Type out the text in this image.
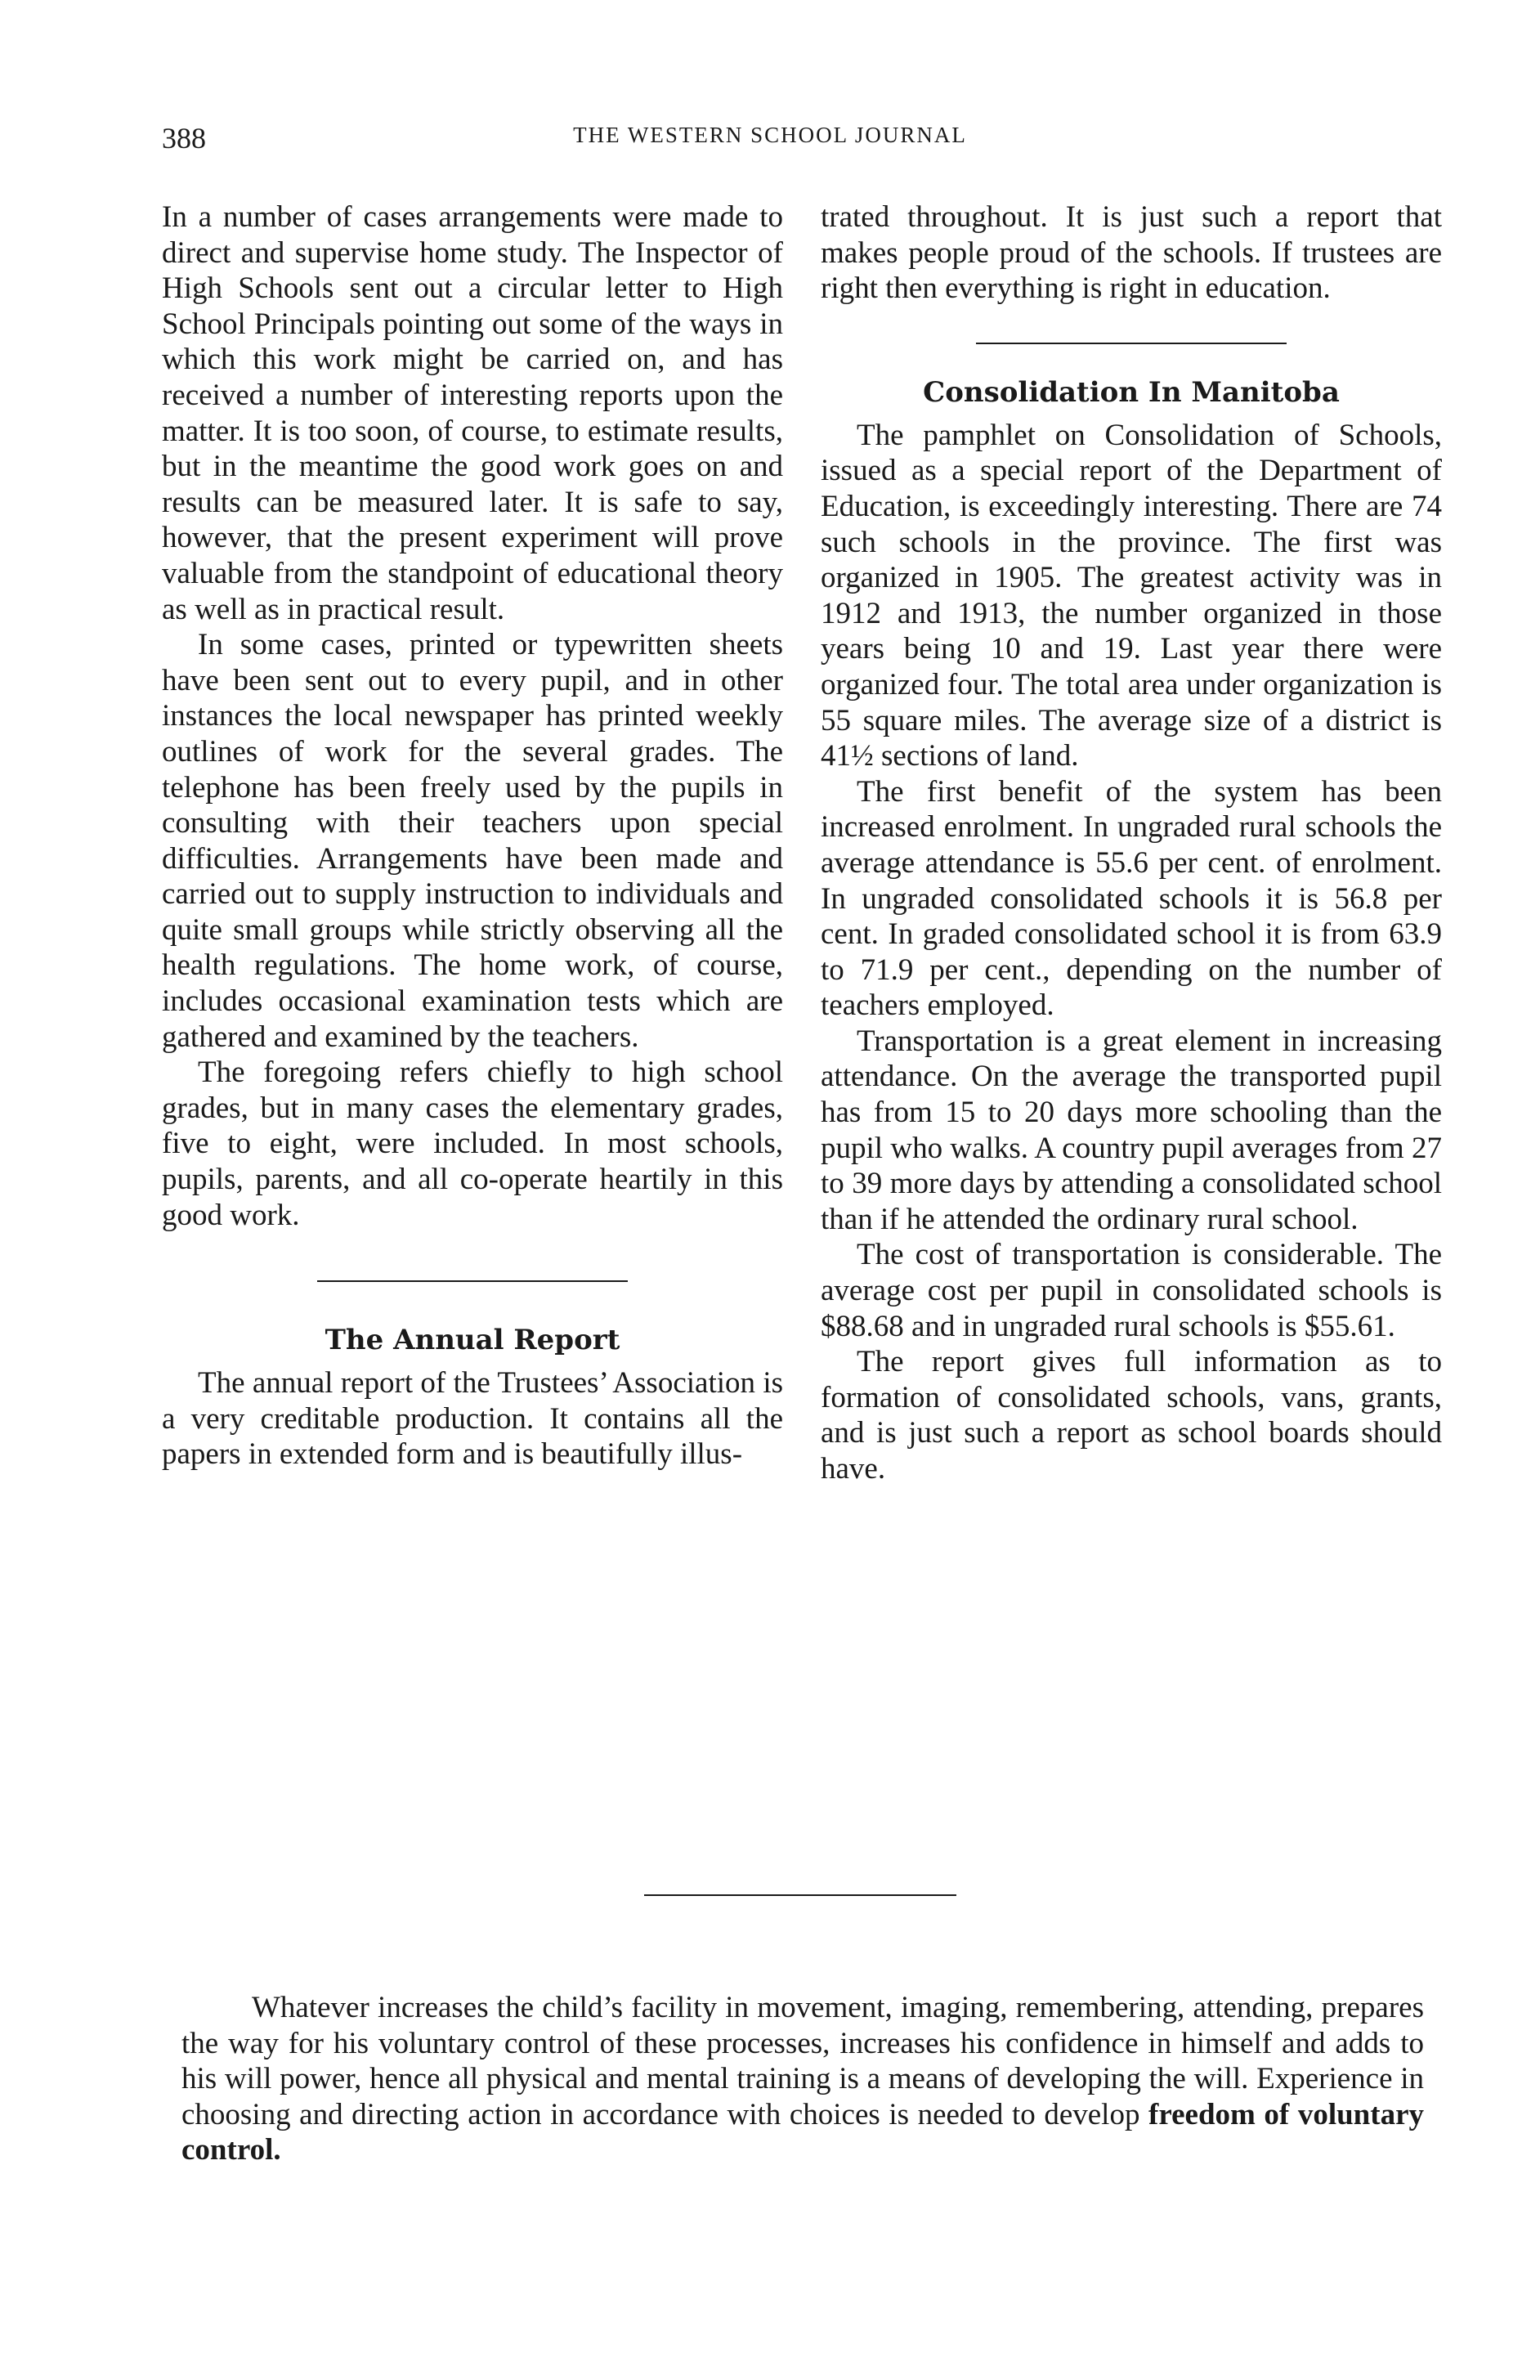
388	THE WESTERN SCHOOL JOURNAL

In a number of cases arrangements were made to direct and supervise home study. The Inspector of High Schools sent out a circular letter to High School Principals pointing out some of the ways in which this work might be carried on, and has received a number of interesting reports upon the matter. It is too soon, of course, to estimate results, but in the meantime the good work goes on and results can be measured later. It is safe to say, however, that the present experiment will prove valuable from the standpoint of educational theory as well as in practical result.

In some cases, printed or typewritten sheets have been sent out to every pupil, and in other instances the local newspaper has printed weekly outlines of work for the several grades. The telephone has been freely used by the pupils in consulting with their teachers upon special difficulties. Arrangements have been made and carried out to supply instruction to individuals and quite small groups while strictly observing all the health regulations. The home work, of course, includes occasional examination tests which are gathered and examined by the teachers.

The foregoing refers chiefly to high school grades, but in many cases the elementary grades, five to eight, were included. In most schools, pupils, parents, and all co-operate heartily in this good work.

The Annual Report

The annual report of the Trustees’ Association is a very creditable production. It contains all the papers in extended form and is beautifully illus-

trated throughout. It is just such a report that makes people proud of the schools. If trustees are right then everything is right in education.

Consolidation In Manitoba

The pamphlet on Consolidation of Schools, issued as a special report of the Department of Education, is exceedingly interesting. There are 74 such schools in the province. The first was organized in 1905. The greatest activity was in 1912 and 1913, the number organized in those years being 10 and 19. Last year there were organized four. The total area under organization is 55 square miles. The average size of a district is 41½ sections of land.

The first benefit of the system has been increased enrolment. In ungraded rural schools the average attendance is 55.6 per cent. of enrolment. In ungraded consolidated schools it is 56.8 per cent. In graded consolidated school it is from 63.9 to 71.9 per cent., depending on the number of teachers employed.

Transportation is a great element in increasing attendance. On the average the transported pupil has from 15 to 20 days more schooling than the pupil who walks. A country pupil averages from 27 to 39 more days by attending a consolidated school than if he attended the ordinary rural school.

The cost of transportation is considerable. The average cost per pupil in consolidated schools is $88.68 and in ungraded rural schools is $55.61.

The report gives full information as to formation of consolidated schools, vans, grants, and is just such a report as school boards should have.

Whatever increases the child’s facility in movement, imaging, remembering, attending, prepares the way for his voluntary control of these processes, increases his confidence in himself and adds to his will power, hence all physical and mental training is a means of developing the will. Experience in choosing and directing action in accordance with choices is needed to develop freedom of voluntary control.
